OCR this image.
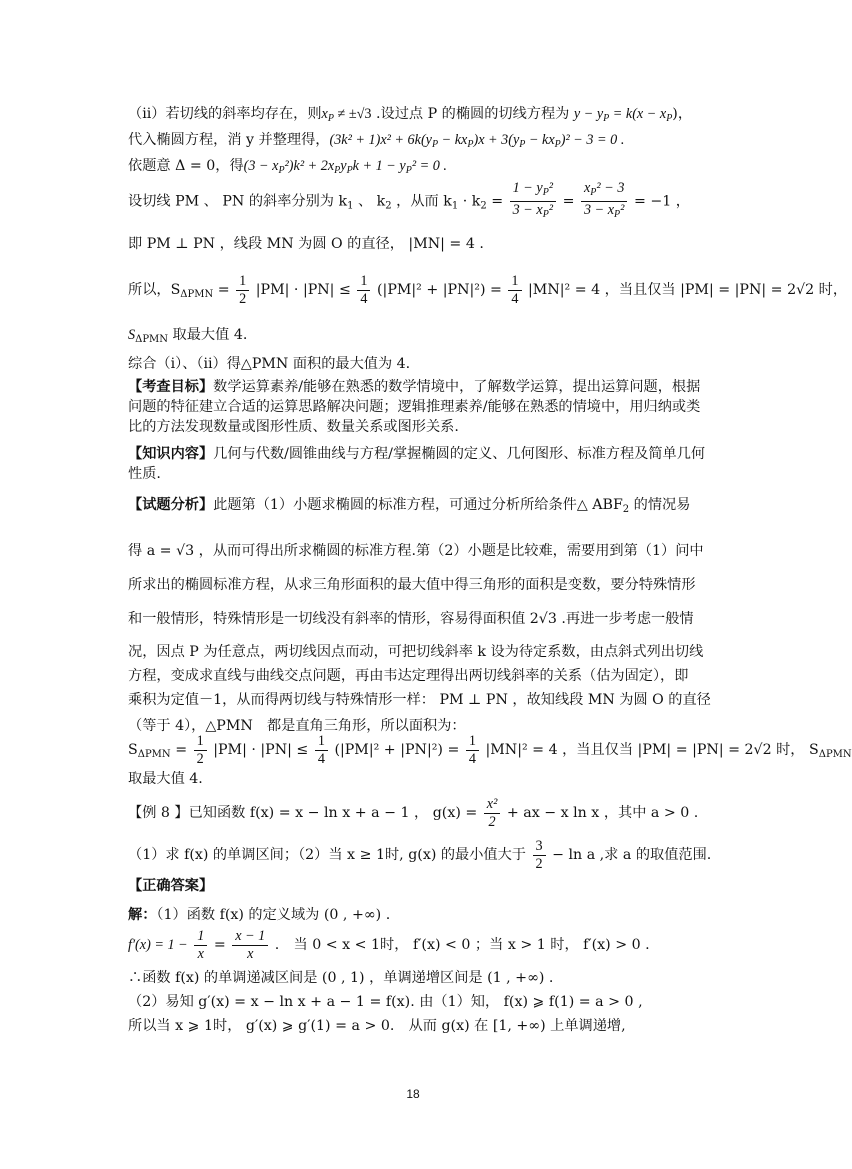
（ii）若切线的斜率均存在，则$x_P \ne \pm√3$ .设过点 P 的椭圆的切线方程为 $y - y_P = k(x - x_P)$，
代入椭圆方程，消 y 并整理得，$(3k^2 + 1)x^2 + 6k(y_P - kx_P)x + 3(y_P - kx_P)^2 - 3 = 0$ .
依题意 Δ = 0，得$(3 - x_P^2)k^2 + 2x_Py_Pk + 1 - y_P^2 = 0$ .
设切线 PM 、 PN 的斜率分别为 $k_1$ 、 $k_2$ ，从而 $k_1 \cdot k_2 = \frac{1 - y_P^2}{3 - x_P^2} = \frac{x_P^2 - 3}{3 - x_P^2} = -1$ ，
即 PM ⊥ PN ，线段 MN 为圆 O 的直径， |MN| = 4 .
所以，$S_{\Delta PMN} = \frac{1}{2} |PM| \cdot |PN| \le \frac{1}{4} (|PM|^2 + |PN|^2) = \frac{1}{4} |MN|^2 = 4$ ，当且仅当 |PM| = |PN| = 2√2 时，
$S_{\Delta PMN}$ 取最大值 4.
综合（i）、（ii）得△PMN 面积的最大值为 4.
【考查目标】数学运算素养/能够在熟悉的数学情境中，了解数学运算，提出运算问题，根据问题的特征建立合适的运算思路解决问题；逻辑推理素养/能够在熟悉的情境中，用归纳或类比的方法发现数量或图形性质、数量关系或图形关系.
【知识内容】几何与代数/圆锥曲线与方程/掌握椭圆的定义、几何图形、标准方程及简单几何性质.
【试题分析】此题第（1）小题求椭圆的标准方程，可通过分析所给条件△ $ABF_2$ 的情况易
得 a = √3 ，从而可得出所求椭圆的标准方程.第（2）小题是比较难，需要用到第（1）问中
所求出的椭圆标准方程，从求三角形面积的最大值中得三角形的面积是变数，要分特殊情形
和一般情形，特殊情形是一切线没有斜率的情形，容易得面积值 2√3 .再进一步考虑一般情
况，因点 P 为任意点，两切线因点而动，可把切线斜率 k 设为待定系数，由点斜式列出切线
方程，变成求直线与曲线交点问题，再由韦达定理得出两切线斜率的关系（估为固定），即
乘积为定值－1，从而得两切线与特殊情形一样： PM ⊥ PN ，故知线段 MN 为圆 O 的直径
（等于 4），△PMN　都是直角三角形，所以面积为：
$S_{\Delta PMN} = \frac{1}{2} |PM| \cdot |PN| \le \frac{1}{4} (|PM|^2 + |PN|^2) = \frac{1}{4} |MN|^2 = 4$ ，当且仅当 |PM| = |PN| = 2√2 时， $S_{\Delta PMN}$
取最大值 4.
【例 8 】已知函数 f(x) = x − ln x + a − 1 ， $g(x) = \frac{\text{x²}}{2}$ + ax − x ln x ，其中 a > 0 .
（1）求 f(x) 的单调区间；（2）当 x ≥ 1时, g(x) 的最小值大于 $\frac{3}{2} - \ln a$ ,求 a 的取值范围.
【正确答案】
解：（1）函数 f(x) 的定义域为 (0 , +∞) .
$f'(x) = 1 - \frac{1}{x} = \frac{x - 1}{x}$ .　当 0 < x < 1时， f′(x) < 0 ；当 x > 1 时， f′(x) > 0 .
∴函数 f(x) 的单调递减区间是 (0 , 1) ，单调递增区间是 (1 , +∞) .
（2）易知 g′(x) = x − ln x + a − 1 = f(x). 由（1）知， f(x) ⩾ f(1) = a > 0 ,
所以当 x ⩾ 1时， g′(x) ⩾ g′(1) = a > 0.　从而 g(x) 在 [1, +∞) 上单调递增,
18
